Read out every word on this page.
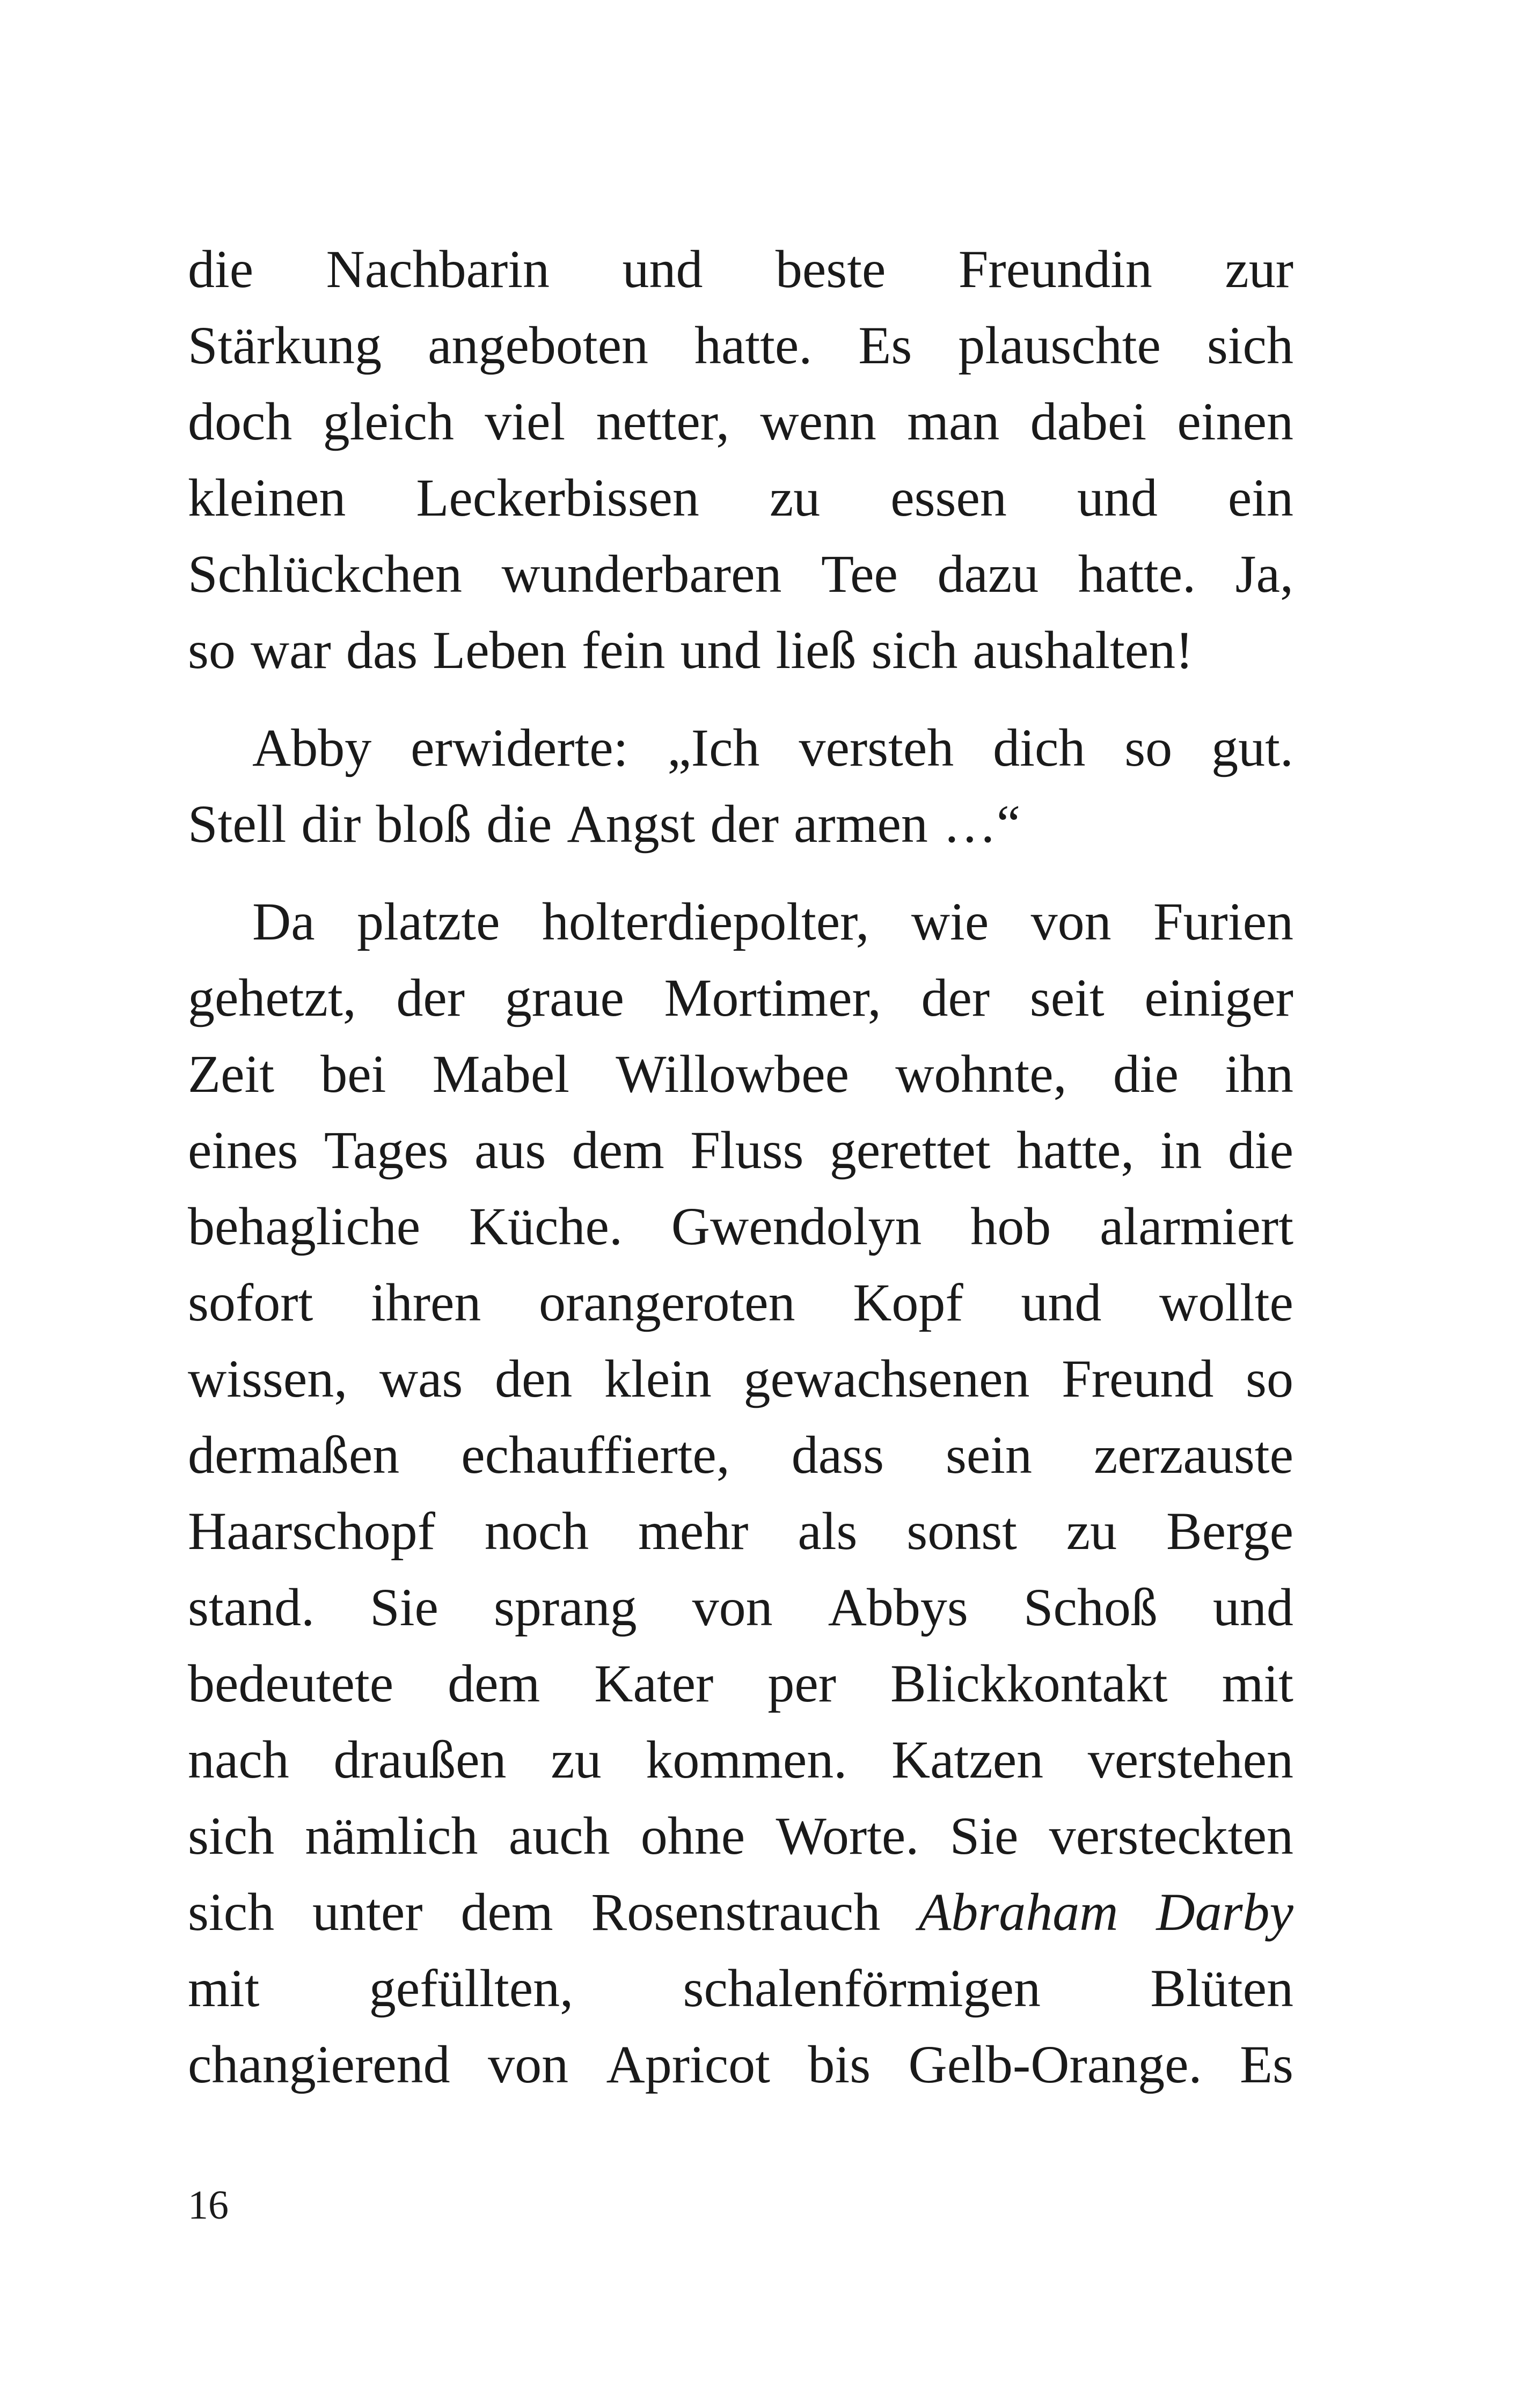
die Nachbarin und beste Freundin zur
Stärkung angeboten hatte. Es plauschte sich
doch gleich viel netter, wenn man dabei einen
kleinen Leckerbissen zu essen und ein
Schlückchen wunderbaren Tee dazu hatte. Ja,
so war das Leben fein und ließ sich aushalten!
Abby erwiderte: „Ich versteh dich so gut.
Stell dir bloß die Angst der armen …“
Da platzte holterdiepolter, wie von Furien
gehetzt, der graue Mortimer, der seit einiger
Zeit bei Mabel Willowbee wohnte, die ihn
eines Tages aus dem Fluss gerettet hatte, in die
behagliche Küche. Gwendolyn hob alarmiert
sofort ihren orangeroten Kopf und wollte
wissen, was den klein gewachsenen Freund so
dermaßen echauffierte, dass sein zerzauste
Haarschopf noch mehr als sonst zu Berge
stand. Sie sprang von Abbys Schoß und
bedeutete dem Kater per Blickkontakt mit
nach draußen zu kommen. Katzen verstehen
sich nämlich auch ohne Worte. Sie versteckten
sich unter dem Rosenstrauch Abraham Darby
mit gefüllten, schalenförmigen Blüten
changierend von Apricot bis Gelb-Orange. Es
16
